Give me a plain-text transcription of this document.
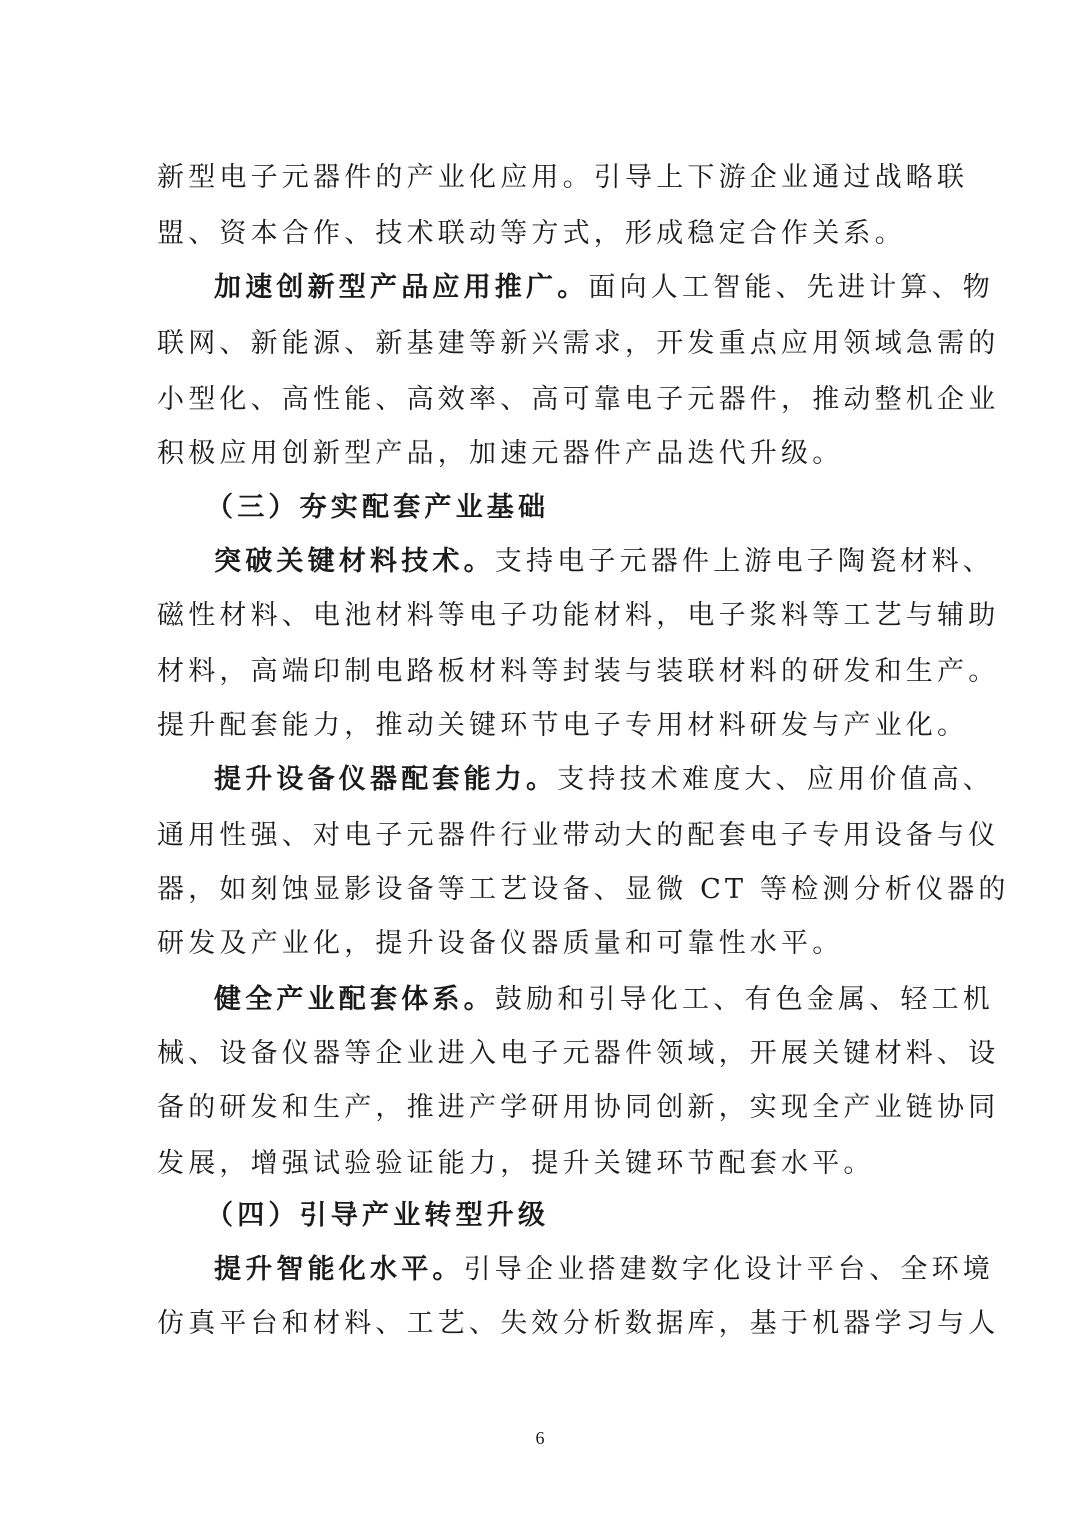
新型电子元器件的产业化应用。引导上下游企业通过战略联
盟、资本合作、技术联动等方式，形成稳定合作关系。
加速创新型产品应用推广。面向人工智能、先进计算、物
联网、新能源、新基建等新兴需求，开发重点应用领域急需的
小型化、高性能、高效率、高可靠电子元器件，推动整机企业
积极应用创新型产品，加速元器件产品迭代升级。
（三）夯实配套产业基础
突破关键材料技术。支持电子元器件上游电子陶瓷材料、
磁性材料、电池材料等电子功能材料，电子浆料等工艺与辅助
材料，高端印制电路板材料等封装与装联材料的研发和生产。
提升配套能力，推动关键环节电子专用材料研发与产业化。
提升设备仪器配套能力。支持技术难度大、应用价值高、
通用性强、对电子元器件行业带动大的配套电子专用设备与仪
器，如刻蚀显影设备等工艺设备、显微 CT 等检测分析仪器的
研发及产业化，提升设备仪器质量和可靠性水平。
健全产业配套体系。鼓励和引导化工、有色金属、轻工机
械、设备仪器等企业进入电子元器件领域，开展关键材料、设
备的研发和生产，推进产学研用协同创新，实现全产业链协同
发展，增强试验验证能力，提升关键环节配套水平。
（四）引导产业转型升级
提升智能化水平。引导企业搭建数字化设计平台、全环境
仿真平台和材料、工艺、失效分析数据库，基于机器学习与人
6
